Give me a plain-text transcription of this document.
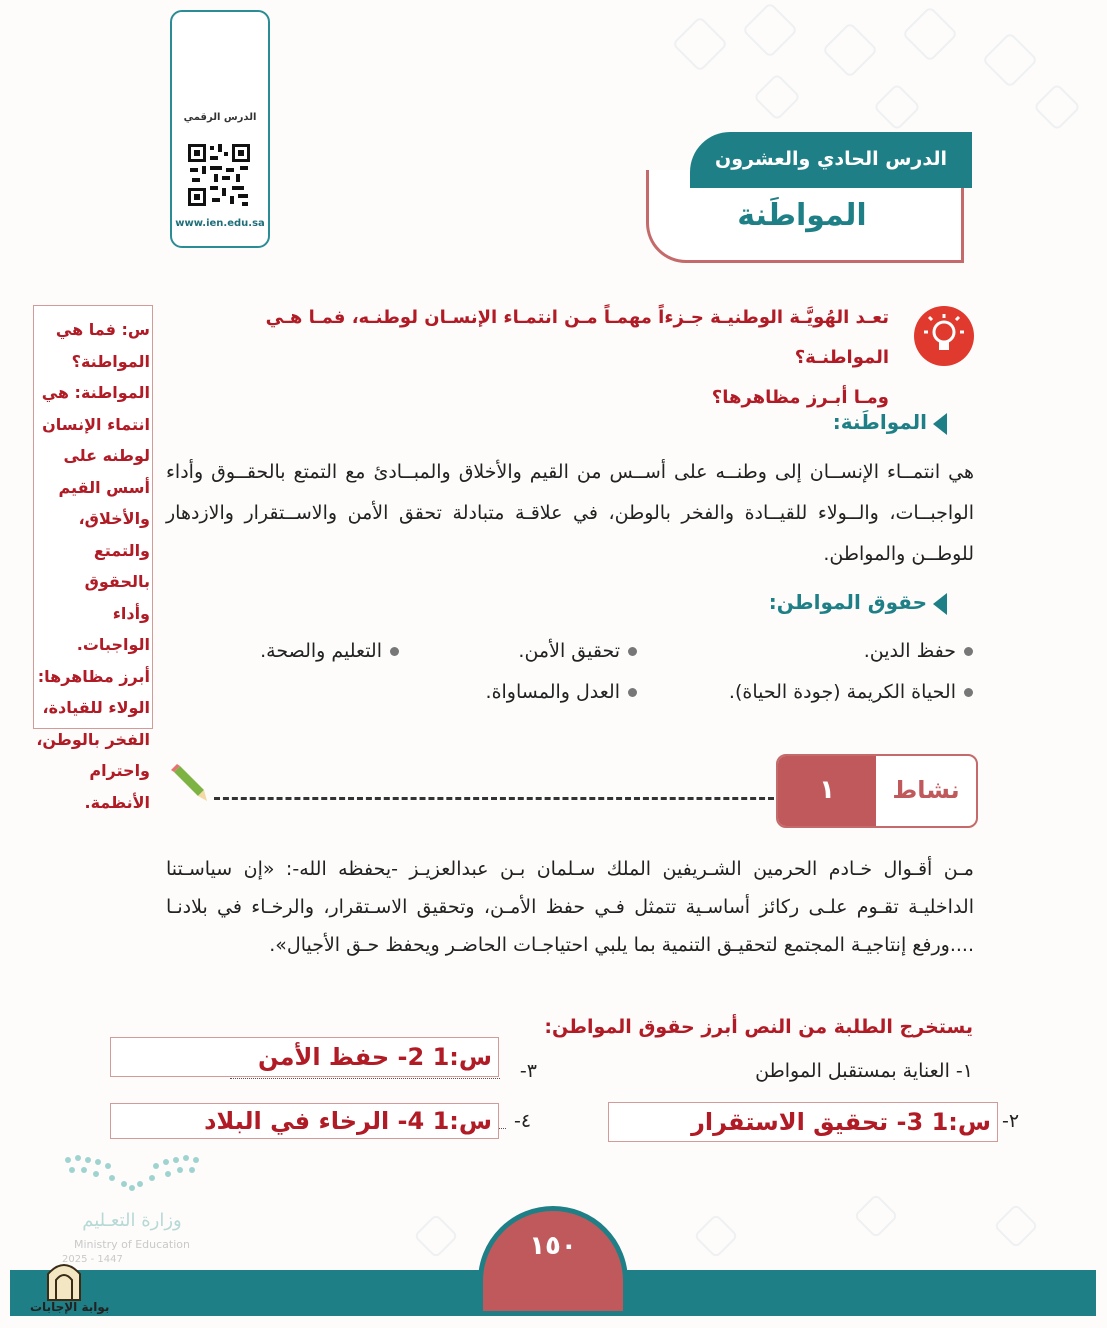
الدرس الرقمي
www.ien.edu.sa
الدرس الحادي والعشرون
المواطَنة
س: فما هي
المواطنة؟
المواطنة: هي
انتماء الإنسان
لوطنه على
أسس القيم
والأخلاق،
والتمتع بالحقوق
وأداء الواجبات.
أبرز مظاهرها:
الولاء للقيادة،
الفخر بالوطن،
واحترام الأنظمة.
تعـد الهُويَّـة الوطنيـة جـزءاً مهمـاً مـن انتمـاء الإنسـان لوطنـه، فمـا هـي المواطنـة؟
ومـا أبـرز مظاهرها؟
المواطَنة:
هي انتمــاء الإنســان إلى وطنــه على أســس من القيم والأخلاق والمبــادئ مع التمتع بالحقــوق وأداء الواجبــات، والــولاء للقيــادة والفخر بالوطن، في علاقـة متبادلة تحقق الأمن والاســتقرار والازدهار للوطــن والمواطن.
حقوق المواطن:
حفظ الدين.
تحقيق الأمن.
التعليم والصحة.
الحياة الكريمة (جودة الحياة).
العدل والمساواة.
١	نشاط
مـن أقـوال خـادم الحرمين الشـريفين الملك سـلمان بـن عبدالعزيـز -يحفظه الله-: «إن سياسـتنا الداخليـة تقـوم علـى ركائز أساسـية تتمثل فـي حفظ الأمـن، وتحقيق الاسـتقرار، والرخـاء في بلادنـا ....ورفع إنتاجيـة المجتمع لتحقيـق التنمية بما يلبي احتياجـات الحاضـر ويحفظ حـق الأجيال».
يستخرج الطلبة من النص أبرز حقوق المواطن:
١- العناية بمستقبل المواطن
٣-
س:1 2- حفظ الأمن
٢-
س:1 3- تحقيق الاستقرار
٤-
س:1 4- الرخاء في البلاد
وزارة التعـليم
Ministry of Education
2025 - 1447	١٥٠
بوابة الإجابات
